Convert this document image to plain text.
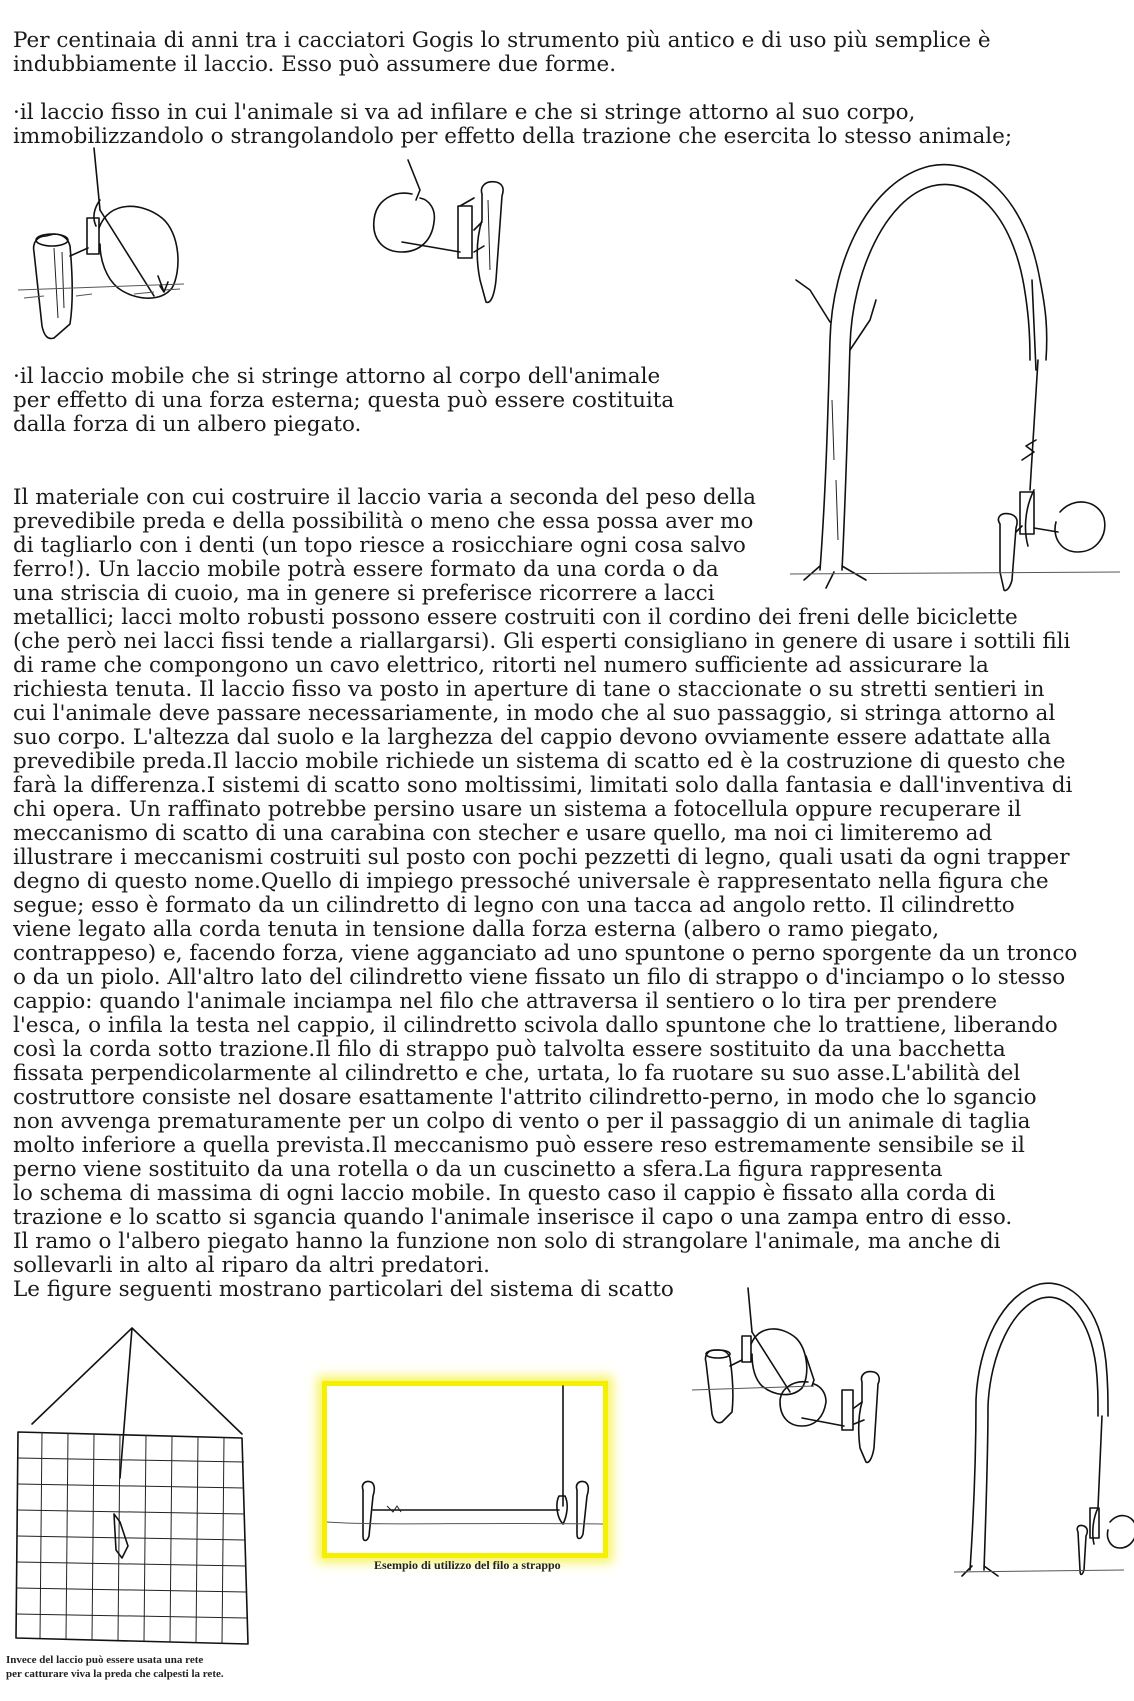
Per centinaia di anni tra i cacciatori Gogis lo strumento più antico e di uso più semplice è

indubbiamente il laccio. Esso può assumere due forme.

·il laccio fisso in cui l'animale si va ad infilare e che si stringe attorno al suo corpo,

immobilizzandolo o strangolandolo per effetto della trazione che esercita lo stesso animale;

·il laccio mobile che si stringe attorno al corpo dell'animale

per effetto di una forza esterna; questa può essere costituita

dalla forza di un albero piegato.

Il materiale con cui costruire il laccio varia a seconda del peso della

prevedibile preda e della possibilità o meno che essa possa aver mo

di tagliarlo con i denti (un topo riesce a rosicchiare ogni cosa salvo

ferro!). Un laccio mobile potrà essere formato da una corda o da

una striscia di cuoio, ma in genere si preferisce ricorrere a lacci

metallici; lacci molto robusti possono essere costruiti con il cordino dei freni delle biciclette

(che però nei lacci fissi tende a riallargarsi). Gli esperti consigliano in genere di usare i sottili fili

di rame che compongono un cavo elettrico, ritorti nel numero sufficiente ad assicurare la

richiesta tenuta. Il laccio fisso va posto in aperture di tane o staccionate o su stretti sentieri in

cui l'animale deve passare necessariamente, in modo che al suo passaggio, si stringa attorno al

suo corpo. L'altezza dal suolo e la larghezza del cappio devono ovviamente essere adattate alla

prevedibile preda.Il laccio mobile richiede un sistema di scatto ed è la costruzione di questo che

farà la differenza.I sistemi di scatto sono moltissimi, limitati solo dalla fantasia e dall'inventiva di

chi opera. Un raffinato potrebbe persino usare un sistema a fotocellula oppure recuperare il

meccanismo di scatto di una carabina con stecher e usare quello, ma noi ci limiteremo ad

illustrare i meccanismi costruiti sul posto con pochi pezzetti di legno, quali usati da ogni trapper

degno di questo nome.Quello di impiego pressoché universale è rappresentato nella figura che

segue; esso è formato da un cilindretto di legno con una tacca ad angolo retto. Il cilindretto

viene legato alla corda tenuta in tensione dalla forza esterna (albero o ramo piegato,

contrappeso) e, facendo forza, viene agganciato ad uno spuntone o perno sporgente da un tronco

o da un piolo. All'altro lato del cilindretto viene fissato un filo di strappo o d'inciampo o lo stesso

cappio: quando l'animale inciampa nel filo che attraversa il sentiero o lo tira per prendere

l'esca, o infila la testa nel cappio, il cilindretto scivola dallo spuntone che lo trattiene, liberando

così la corda sotto trazione.Il filo di strappo può talvolta essere sostituito da una bacchetta

fissata perpendicolarmente al cilindretto e che, urtata, lo fa ruotare su suo asse.L'abilità del

costruttore consiste nel dosare esattamente l'attrito cilindretto-perno, in modo che lo sgancio

non avvenga prematuramente per un colpo di vento o per il passaggio di un animale di taglia

molto inferiore a quella prevista.Il meccanismo può essere reso estremamente sensibile se il

perno viene sostituito da una rotella o da un cuscinetto a sfera.La figura rappresenta

lo schema di massima di ogni laccio mobile. In questo caso il cappio è fissato alla corda di

trazione e lo scatto si sgancia quando l'animale inserisce il capo o una zampa entro di esso.

Il ramo o l'albero piegato hanno la funzione non solo di strangolare l'animale, ma anche di

sollevarli in alto al riparo da altri predatori.

Le figure seguenti mostrano particolari del sistema di scatto

Esempio di utilizzo del filo a strappo
Invece del laccio può essere usata una rete
per catturare viva la preda che calpesti la rete.
